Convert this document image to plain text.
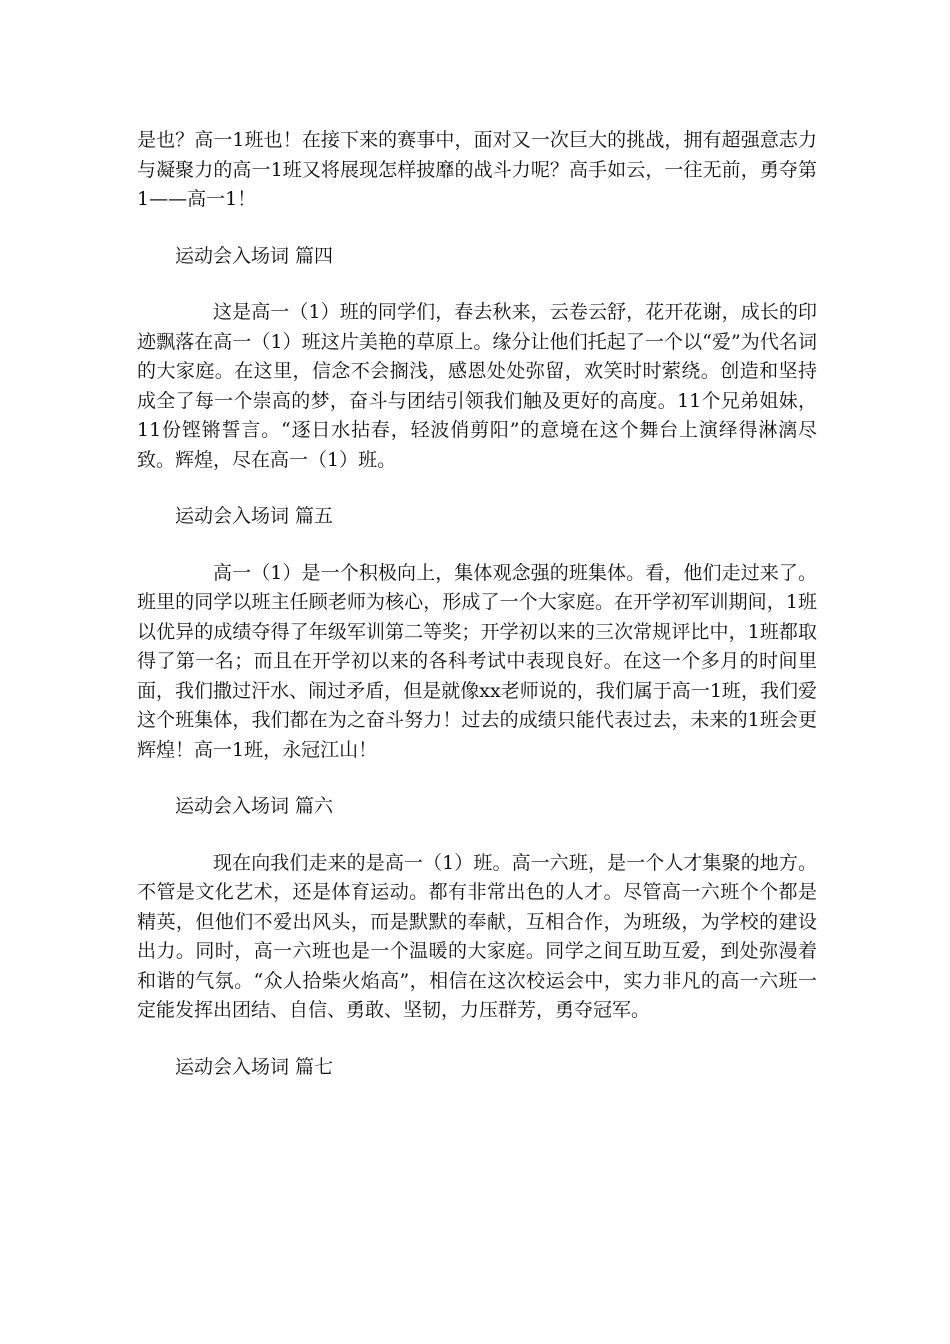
是也？高一1班也！在接下来的赛事中，面对又一次巨大的挑战，拥有超强意志力与凝聚力的高一1班又将展现怎样披靡的战斗力呢？高手如云，一往无前，勇夺第1——高一1！

运动会入场词 篇四

这是高一（1）班的同学们，春去秋来，云卷云舒，花开花谢，成长的印迹飘落在高一（1）班这片美艳的草原上。缘分让他们托起了一个以“爱”为代名词的大家庭。在这里，信念不会搁浅，感恩处处弥留，欢笑时时萦绕。创造和坚持成全了每一个崇高的梦，奋斗与团结引领我们触及更好的高度。11个兄弟姐妹，11份铿锵誓言。“逐日水拈春，轻波俏剪阳”的意境在这个舞台上演绎得淋漓尽致。辉煌，尽在高一（1）班。

运动会入场词 篇五

高一（1）是一个积极向上，集体观念强的班集体。看，他们走过来了。班里的同学以班主任顾老师为核心，形成了一个大家庭。在开学初军训期间，1班以优异的成绩夺得了年级军训第二等奖；开学初以来的三次常规评比中，1班都取得了第一名；而且在开学初以来的各科考试中表现良好。在这一个多月的时间里面，我们撒过汗水、闹过矛盾，但是就像xx老师说的，我们属于高一1班，我们爱这个班集体，我们都在为之奋斗努力！过去的成绩只能代表过去，未来的1班会更辉煌！高一1班，永冠江山！

运动会入场词 篇六

现在向我们走来的是高一（1）班。高一六班，是一个人才集聚的地方。不管是文化艺术，还是体育运动。都有非常出色的人才。尽管高一六班个个都是精英，但他们不爱出风头，而是默默的奉献，互相合作，为班级，为学校的建设出力。同时，高一六班也是一个温暖的大家庭。同学之间互助互爱，到处弥漫着和谐的气氛。“众人拾柴火焰高”，相信在这次校运会中，实力非凡的高一六班一定能发挥出团结、自信、勇敢、坚韧，力压群芳，勇夺冠军。

运动会入场词 篇七
